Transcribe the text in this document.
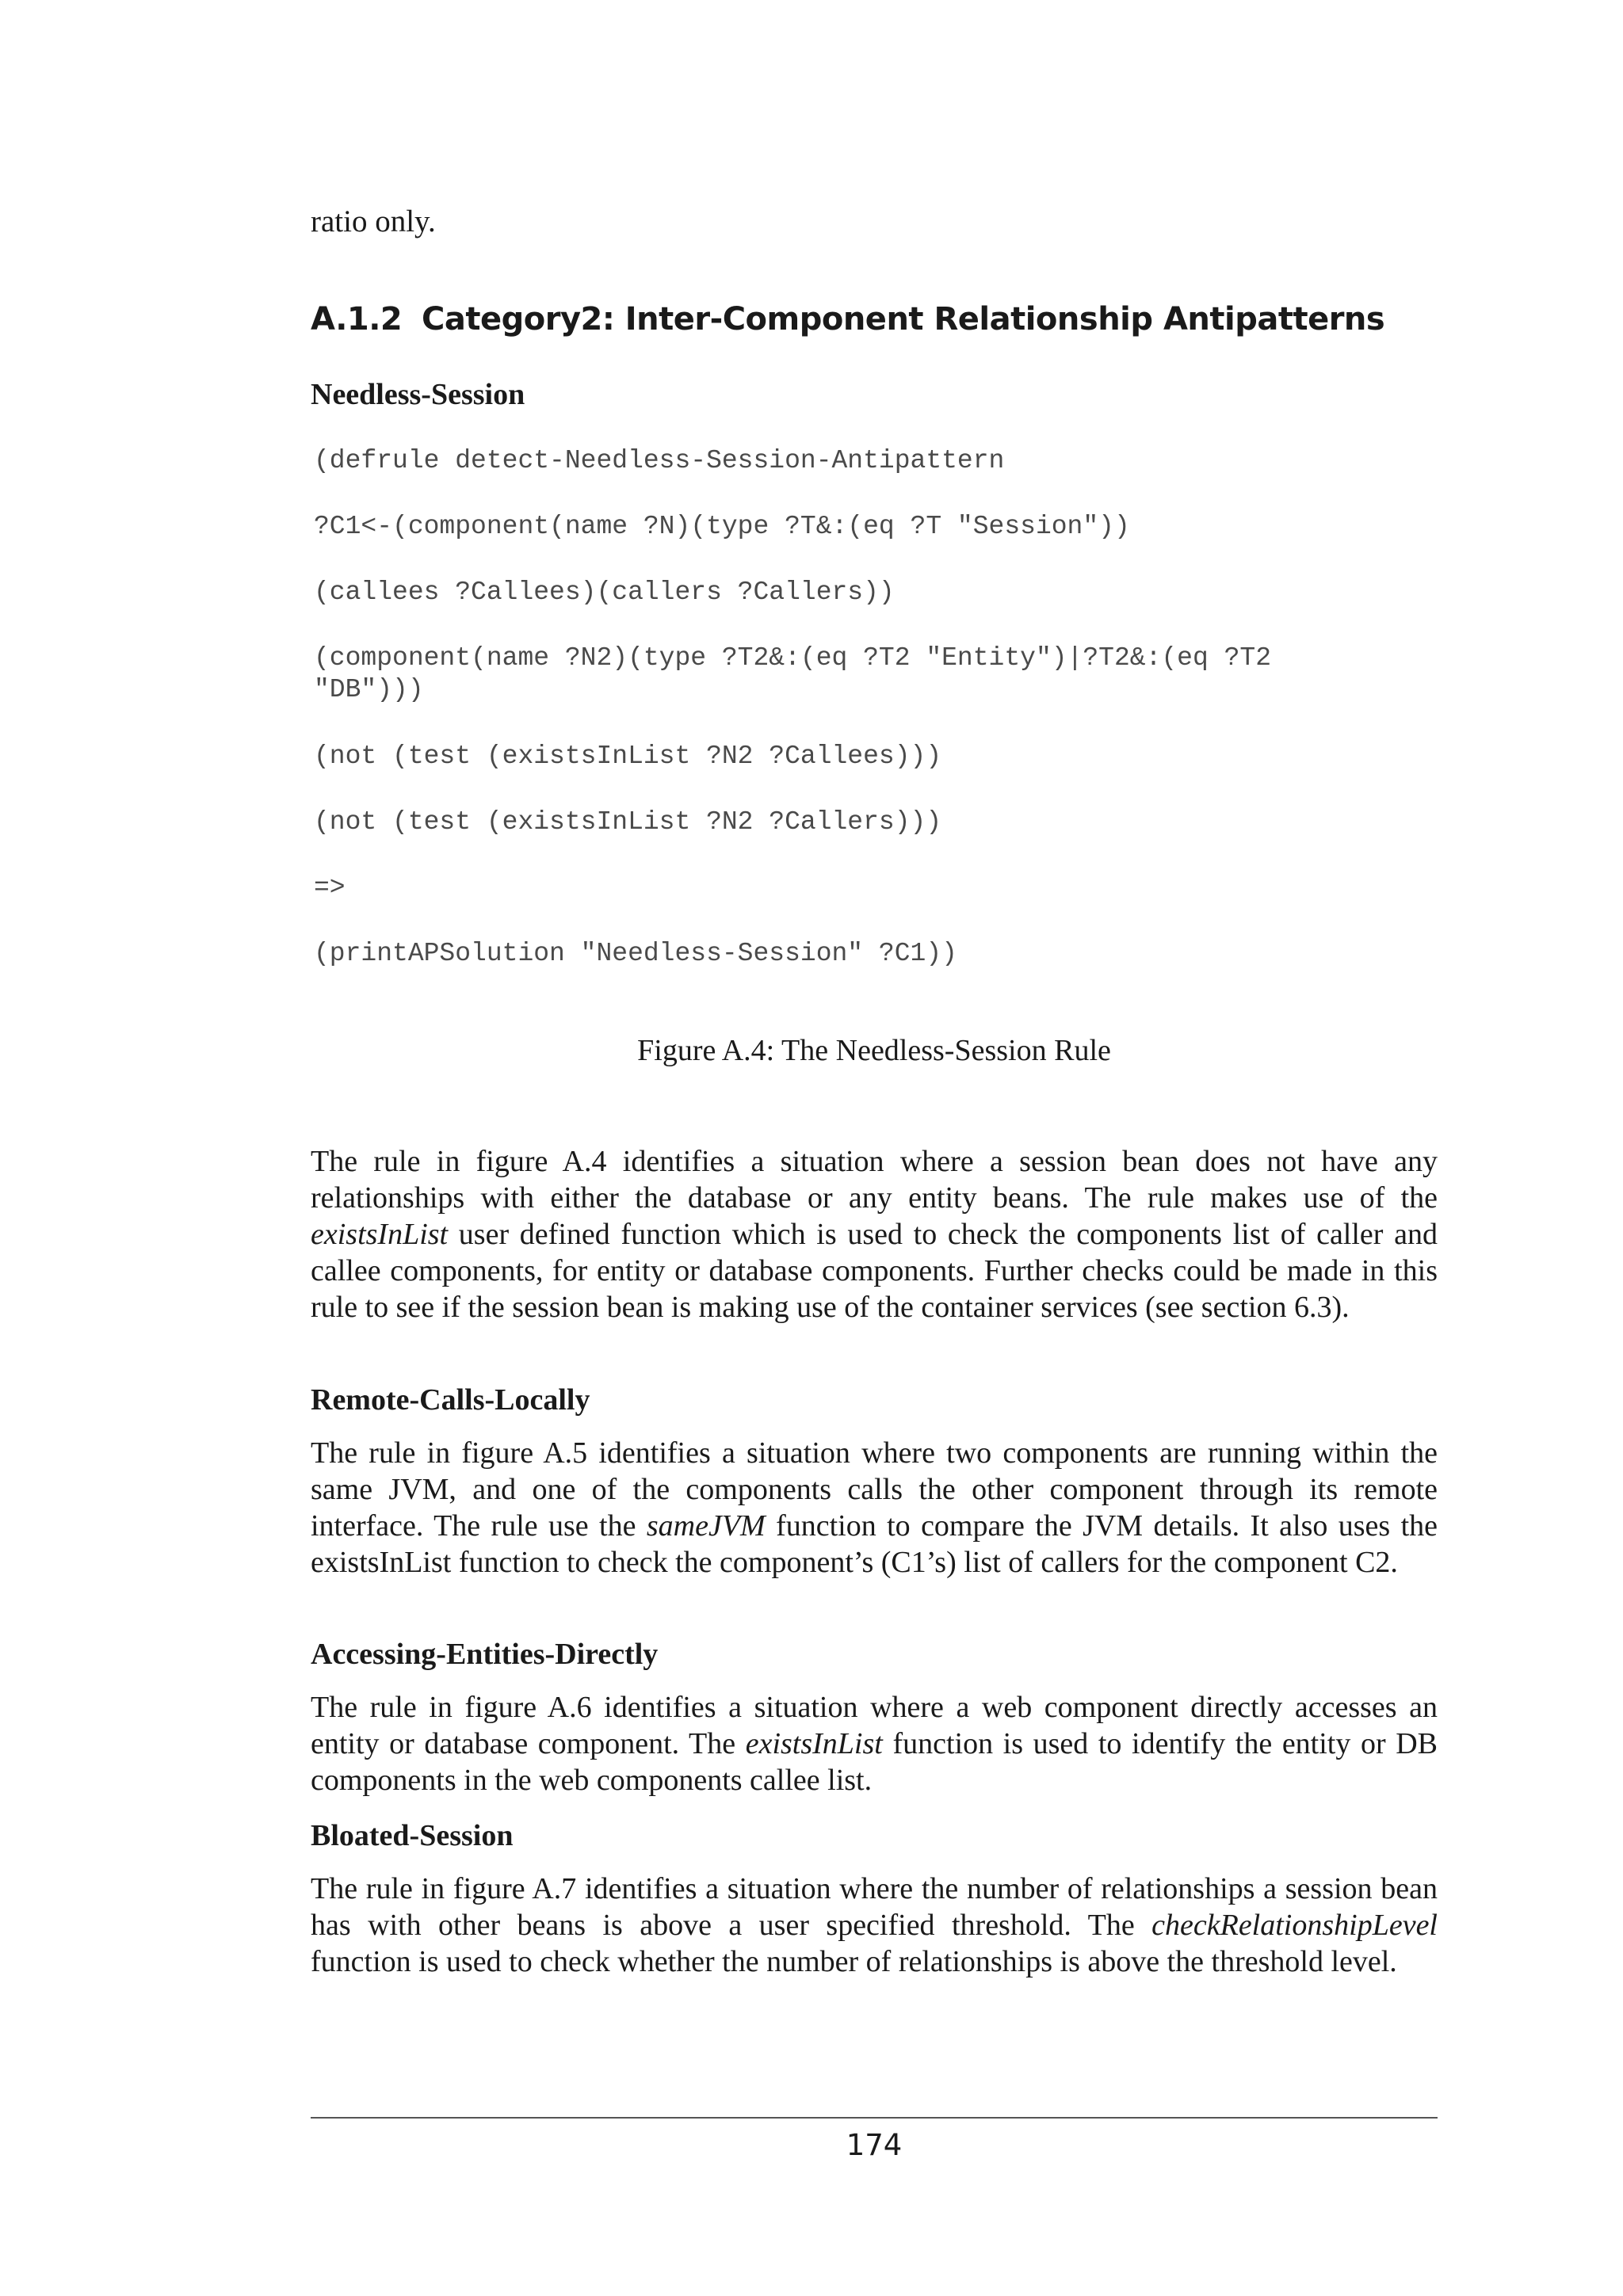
ratio only.

A.1.2 Category2: Inter-Component Relationship Antipatterns
Needless-Session
(defrule detect-Needless-Session-Antipattern
?C1<-(component(name ?N)(type ?T&:(eq ?T "Session"))
(callees ?Callees)(callers ?Callers))
(component(name ?N2)(type ?T2&:(eq ?T2 "Entity")|?T2&:(eq ?T2 "DB")))
(not (test (existsInList ?N2 ?Callees)))
(not (test (existsInList ?N2 ?Callers)))
=>
(printAPSolution "Needless-Session" ?C1))

Figure A.4: The Needless-Session Rule

The rule in figure A.4 identifies a situation where a session bean does not have any relationships with either the database or any entity beans. The rule makes use of the existsInList user defined function which is used to check the components list of caller and callee components, for entity or database components. Further checks could be made in this rule to see if the session bean is making use of the container services (see section 6.3).

Remote-Calls-Locally

The rule in figure A.5 identifies a situation where two components are running within the same JVM, and one of the components calls the other component through its remote interface. The rule use the sameJVM function to compare the JVM details. It also uses the existsInList function to check the component’s (C1’s) list of callers for the component C2.

Accessing-Entities-Directly

The rule in figure A.6 identifies a situation where a web component directly accesses an entity or database component. The existsInList function is used to identify the entity or DB components in the web components callee list.

Bloated-Session

The rule in figure A.7 identifies a situation where the number of relationships a session bean has with other beans is above a user specified threshold. The checkRelationshipLevel function is used to check whether the number of relationships is above the threshold level.

174
